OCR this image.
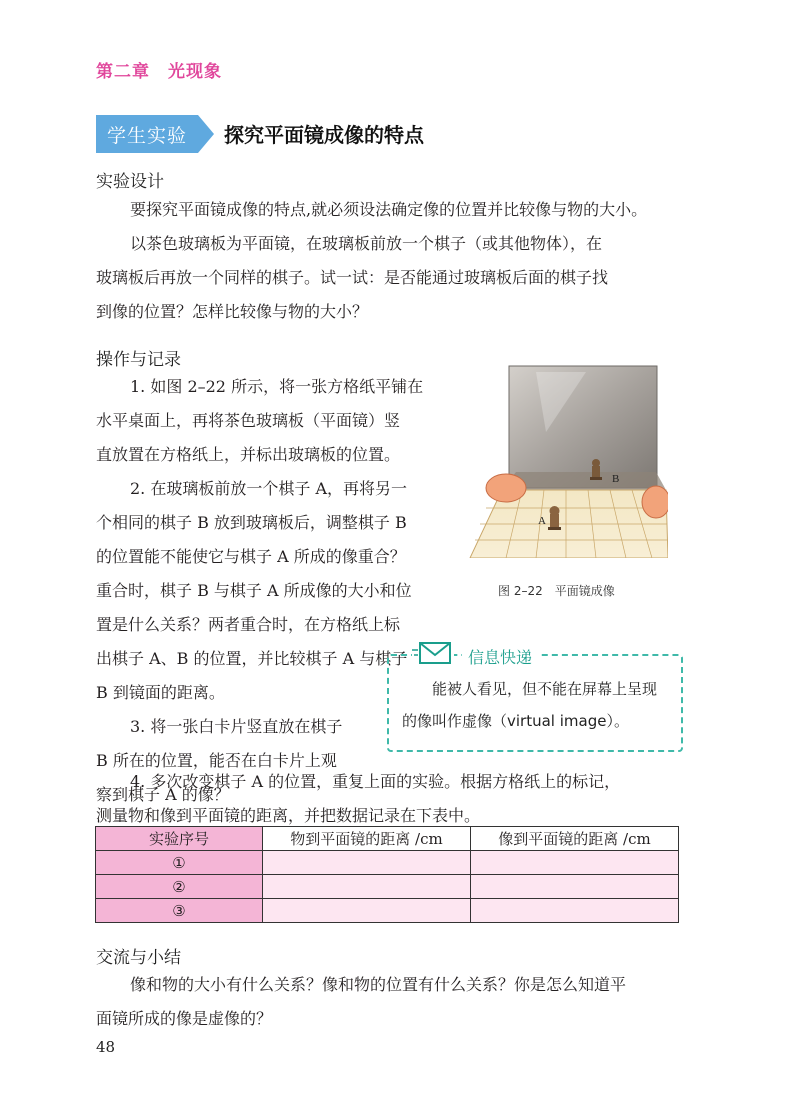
第二章　光现象
学生实验	探究平面镜成像的特点
实验设计
要探究平面镜成像的特点,就必须设法确定像的位置并比较像与物的大小。
以茶色玻璃板为平面镜，在玻璃板前放一个棋子（或其他物体），在
玻璃板后再放一个同样的棋子。试一试：是否能通过玻璃板后面的棋子找
到像的位置？怎样比较像与物的大小？
操作与记录
1. 如图 2–22 所示，将一张方格纸平铺在
水平桌面上，再将茶色玻璃板（平面镜）竖
直放置在方格纸上，并标出玻璃板的位置。
2. 在玻璃板前放一个棋子 A，再将另一
个相同的棋子 B 放到玻璃板后，调整棋子 B
的位置能不能使它与棋子 A 所成的像重合？
重合时，棋子 B 与棋子 A 所成像的大小和位
置是什么关系？两者重合时，在方格纸上标
出棋子 A、B 的位置，并比较棋子 A 与棋子
B 到镜面的距离。
3. 将一张白卡片竖直放在棋子
B 所在的位置，能否在白卡片上观
察到棋子 A 的像？
B
A
图 2–22　平面镜成像
信息快递
能被人看见，但不能在屏幕上呈现的像叫作虚像（virtual image）。
4. 多次改变棋子 A 的位置，重复上面的实验。根据方格纸上的标记，
实验序号	物到平面镜的距离 /cm	像到平面镜的距离 /cm
①		
②		
③		
交流与小结
像和物的大小有什么关系？像和物的位置有什么关系？你是怎么知道平
面镜所成的像是虚像的？
48
测量物和像到平面镜的距离，并把数据记录在下表中。
